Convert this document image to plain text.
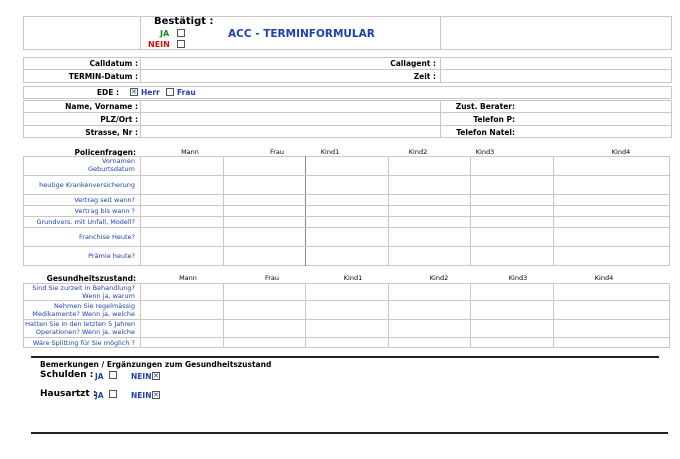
Bestätigt :
JA
NEIN
ACC - TERMINFORMULAR
Calldatum :
TERMIN-Datum :
Callagent :
Zeit :
EDE :
✕	Herr Frau
Name, Vorname :
PLZ/Ort :
Strasse, Nr :
Zust. Berater:
Telefon P:
Telefon Natel:
Policenfragen:	Mann	Frau	Kind1	Kind2	Kind3	Kind4
Vornamen Geburtsdatum
heutige Krankenversicherung
Vertrag seit wann?
Vertrag bis wann ?
Grundvers. mit Unfall, Modell?
Franchise Heute?
Prämie heute?
Gesundheitszustand:	Mann	Frau	Kind1	Kind2	Kind3	Kind4
Sind Sie zurzeit in Behandlung? Wenn ja, warum
Nehmen Sie regelmässig Medikamente? Wenn ja, welche
Hatten Sie in den letzten 5 Jahren Operationen? Wenn ja, welche
Wäre Splitting für Sie möglich ?
Bemerkungen / Ergänzungen zum Gesundheitszustand
Schulden : JA	NEIN
✕
Hausartzt :
JA	NEIN
✕
